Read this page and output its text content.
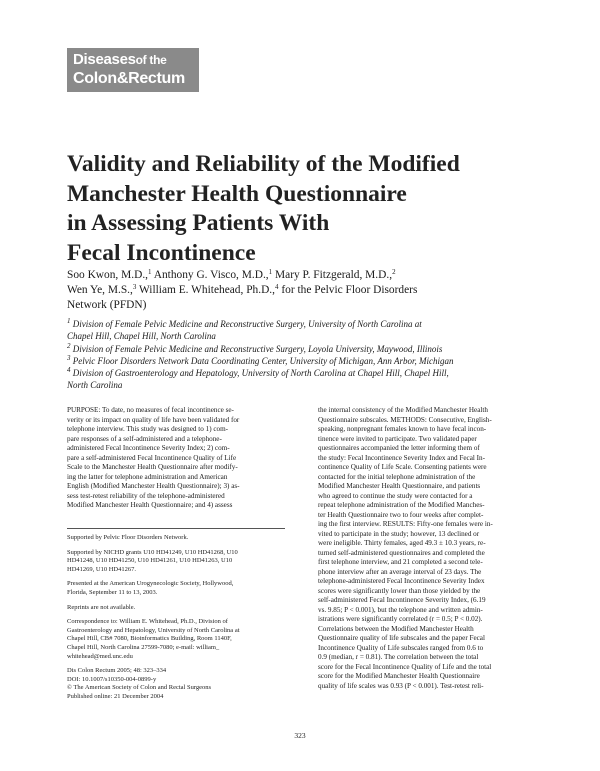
Diseasesof the
Colon&Rectum
Validity and Reliability of the Modified
Manchester Health Questionnaire
in Assessing Patients With
Fecal Incontinence
Soo Kwon, M.D.,$^1$ Anthony G. Visco, M.D.,$^1$ Mary P. Fitzgerald, M.D.,$^2$
Wen Ye, M.S.,$^3$ William E. Whitehead, Ph.D.,$^4$ for the Pelvic Floor Disorders
Network (PFDN)
$^1$ Division of Female Pelvic Medicine and Reconstructive Surgery, University of North Carolina at
Chapel Hill, Chapel Hill, North Carolina
$^2$ Division of Female Pelvic Medicine and Reconstructive Surgery, Loyola University, Maywood, Illinois
$^3$ Pelvic Floor Disorders Network Data Coordinating Center, University of Michigan, Ann Arbor, Michigan
$^4$ Division of Gastroenterology and Hepatology, University of North Carolina at Chapel Hill, Chapel Hill,
North Carolina
PURPOSE: To date, no measures of fecal incontinence se-
verity or its impact on quality of life have been validated for
telephone interview. This study was designed to 1) com-
pare responses of a self-administered and a telephone-
administered Fecal Incontinence Severity Index; 2) com-
pare a self-administered Fecal Incontinence Quality of Life
Scale to the Manchester Health Questionnaire after modify-
ing the latter for telephone administration and American
English (Modified Manchester Health Questionnaire); 3) as-
sess test-retest reliability of the telephone-administered
Modified Manchester Health Questionnaire; and 4) assess
the internal consistency of the Modified Manchester Health
Questionnaire subscales. METHODS: Consecutive, English-
speaking, nonpregnant females known to have fecal incon-
tinence were invited to participate. Two validated paper
questionnaires accompanied the letter informing them of
the study: Fecal Incontinence Severity Index and Fecal In-
continence Quality of Life Scale. Consenting patients were
contacted for the initial telephone administration of the
Modified Manchester Health Questionnaire, and patients
who agreed to continue the study were contacted for a
repeat telephone administration of the Modified Manches-
ter Health Questionnaire two to four weeks after complet-
ing the first interview. RESULTS: Fifty-one females were in-
vited to participate in the study; however, 13 declined or
were ineligible. Thirty females, aged 49.3 ± 10.3 years, re-
turned self-administered questionnaires and completed the
first telephone interview, and 21 completed a second tele-
phone interview after an average interval of 23 days. The
telephone-administered Fecal Incontinence Severity Index
scores were significantly lower than those yielded by the
self-administered Fecal Incontinence Severity Index, (6.19
vs. 9.85; P < 0.001), but the telephone and written admin-
istrations were significantly correlated (r = 0.5; P < 0.02).
Correlations between the Modified Manchester Health
Questionnaire quality of life subscales and the paper Fecal
Incontinence Quality of Life subscales ranged from 0.6 to
0.9 (median, r = 0.81). The correlation between the total
score for the Fecal Incontinence Quality of Life and the total
score for the Modified Manchester Health Questionnaire
quality of life scales was 0.93 (P < 0.001). Test-retest reli-
Supported by Pelvic Floor Disorders Network.
Supported by NICHD grants U10 HD41249, U10 HD41268, U10
HD41248, U10 HD41250, U10 HD41261, U10 HD41263, U10
HD41269, U10 HD41267.
Presented at the American Urogynecologic Society, Hollywood,
Florida, September 11 to 13, 2003.
Reprints are not available.
Correspondence to: William E. Whitehead, Ph.D., Division of
Gastroenterology and Hepatology, University of North Carolina at
Chapel Hill, CB# 7080, Bioinformatics Building, Room 1140F,
Chapel Hill, North Carolina 27599-7080; e-mail: william_
whitehead@med.unc.edu
Dis Colon Rectum 2005; 48: 323–334
DOI: 10.1007/s10350-004-0899-y
© The American Society of Colon and Rectal Surgeons
Published online: 21 December 2004
323
